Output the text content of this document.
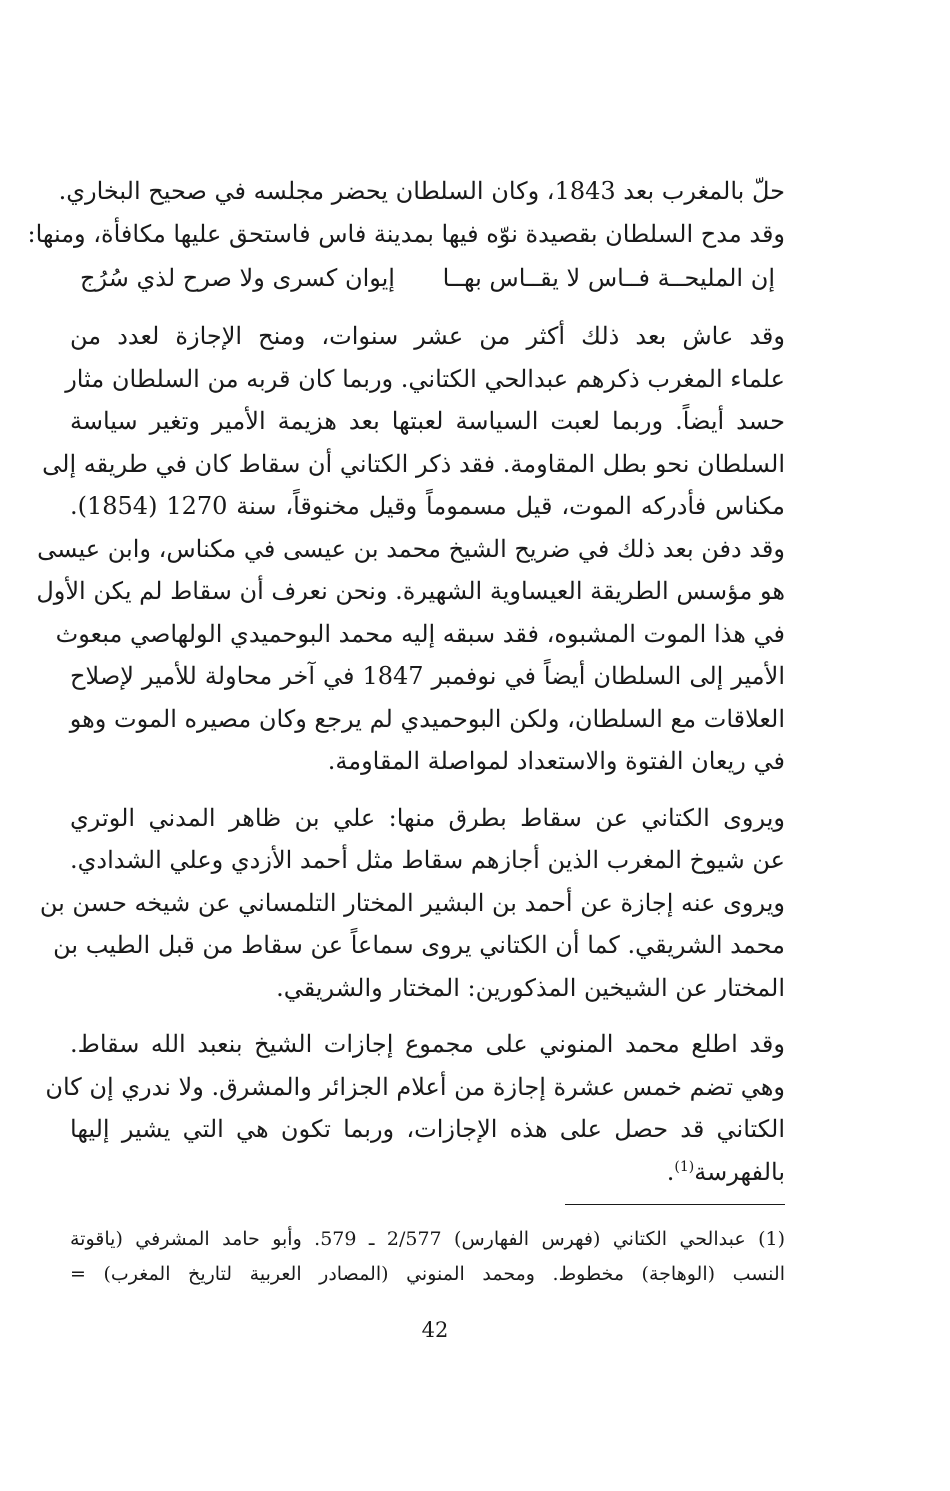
حلّ بالمغرب بعد 1843، وكان السلطان يحضر مجلسه في صحيح البخاري.
وقد مدح السلطان بقصيدة نوّه فيها بمدينة فاس فاستحق عليها مكافأة، ومنها:

إن المليحــة فــاس لا يقــاس بهــا
إيوان كسرى ولا صرح لذي سُرُج

وقد عاش بعد ذلك أكثر من عشر سنوات، ومنح الإجازة لعدد من
علماء المغرب ذكرهم عبدالحي الكتاني. وربما كان قربه من السلطان مثار
حسد أيضاً. وربما لعبت السياسة لعبتها بعد هزيمة الأمير وتغير سياسة
السلطان نحو بطل المقاومة. فقد ذكر الكتاني أن سقاط كان في طريقه إلى
مكناس فأدركه الموت، قيل مسموماً وقيل مخنوقاً، سنة 1270 (1854).
وقد دفن بعد ذلك في ضريح الشيخ محمد بن عيسى في مكناس، وابن عيسى
هو مؤسس الطريقة العيساوية الشهيرة. ونحن نعرف أن سقاط لم يكن الأول
في هذا الموت المشبوه، فقد سبقه إليه محمد البوحميدي الولهاصي مبعوث
الأمير إلى السلطان أيضاً في نوفمبر 1847 في آخر محاولة للأمير لإصلاح
العلاقات مع السلطان، ولكن البوحميدي لم يرجع وكان مصيره الموت وهو
في ريعان الفتوة والاستعداد لمواصلة المقاومة.

ويروى الكتاني عن سقاط بطرق منها: علي بن ظاهر المدني الوتري
عن شيوخ المغرب الذين أجازهم سقاط مثل أحمد الأزدي وعلي الشدادي.
ويروى عنه إجازة عن أحمد بن البشير المختار التلمساني عن شيخه حسن بن
محمد الشريقي. كما أن الكتاني يروى سماعاً عن سقاط من قبل الطيب بن
المختار عن الشيخين المذكورين: المختار والشريقي.

وقد اطلع محمد المنوني على مجموع إجازات الشيخ بنعبد الله سقاط.
وهي تضم خمس عشرة إجازة من أعلام الجزائر والمشرق. ولا ندري إن كان
الكتاني قد حصل على هذه الإجازات، وربما تكون هي التي يشير إليها
بالفهرسة$^{(1)}$.

(1) عبدالحي الكتاني (فهرس الفهارس) 2/577 ـ 579. وأبو حامد المشرفي (ياقوتة
النسب (الوهاجة) مخطوط. ومحمد المنوني (المصادر العربية لتاريخ المغرب) =
42
